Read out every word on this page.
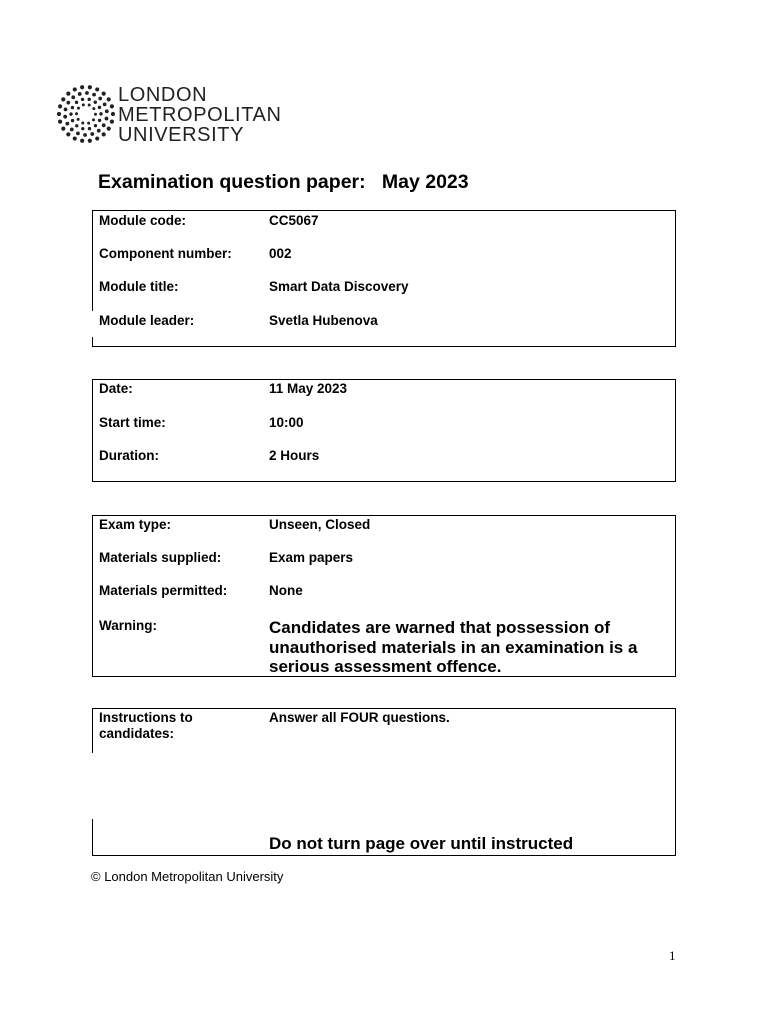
LONDON
METROPOLITAN
UNIVERSITY
Examination question paper:   May 2023
Module code:	CC5067
Component number:	002
Module title:	Smart Data Discovery
Module leader:	Svetla Hubenova
Date:	11 May 2023
Start time:	10:00
Duration:	2 Hours
Exam type:	Unseen, Closed
Materials supplied:	Exam papers
Materials permitted:	None
Warning:	Candidates are warned that possession of unauthorised materials in an examination is a serious assessment offence.
Instructions to candidates:
Answer all FOUR questions.
Do not turn page over until instructed
© London Metropolitan University
1
